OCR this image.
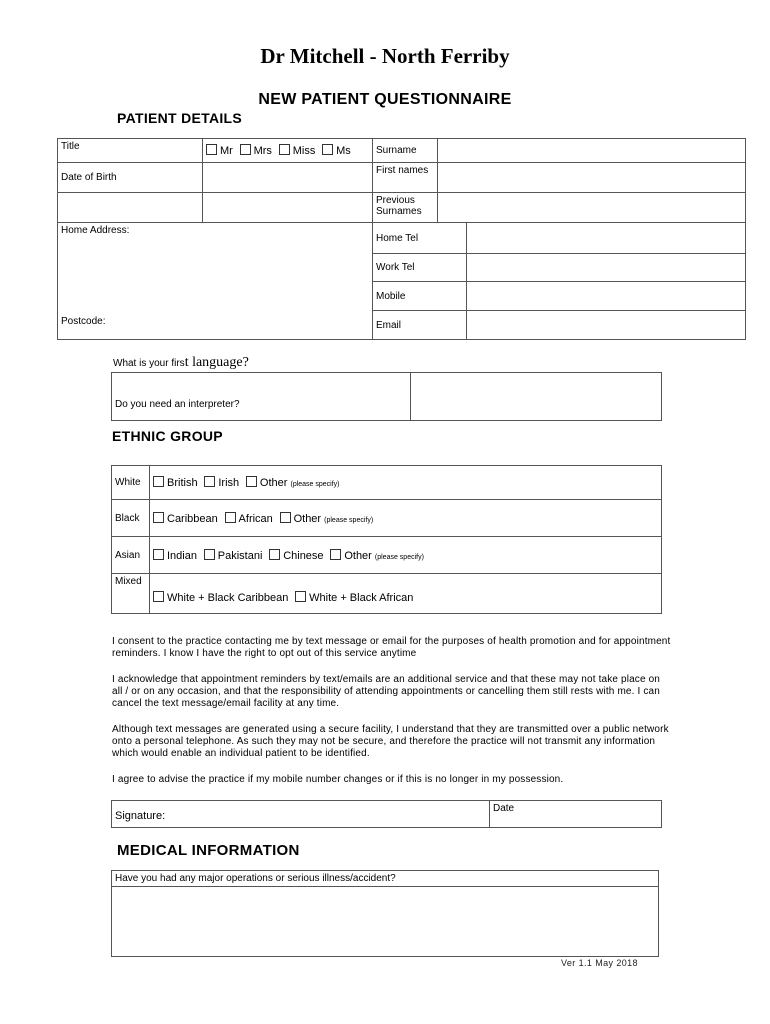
Dr Mitchell - North Ferriby
NEW PATIENT QUESTIONNAIRE
PATIENT DETAILS
Title	Mr Mrs Miss Ms	Surname		
Date of Birth		First names		
		Previous Surnames		
Home Address:
Postcode:		Home Tel		
		Work Tel		
		Mobile		
		Email		
What is your first language?
Do you need an interpreter?	
ETHNIC GROUP
White	British Irish Other (please specify)
Black	Caribbean African Other (please specify)
Asian	Indian Pakistani Chinese Other (please specify)
Mixed	White + Black Caribbean White + Black African
I consent to the practice contacting me by text message or email for the purposes of health promotion and for appointment reminders. I know I have the right to opt out of this service anytime
I acknowledge that appointment reminders by text/emails are an additional service and that these may not take place on all / or on any occasion, and that the responsibility of attending appointments or cancelling them still rests with me. I can cancel the text message/email facility at any time.
Although text messages are generated using a secure facility, I understand that they are transmitted over a public network onto a personal telephone. As such they may not be secure, and therefore the practice will not transmit any information which would enable an individual patient to be identified.
I agree to advise the practice if my mobile number changes or if this is no longer in my possession.
Signature:	Date
MEDICAL INFORMATION
Have you had any major operations or serious illness/accident?

Ver 1.1 May 2018
